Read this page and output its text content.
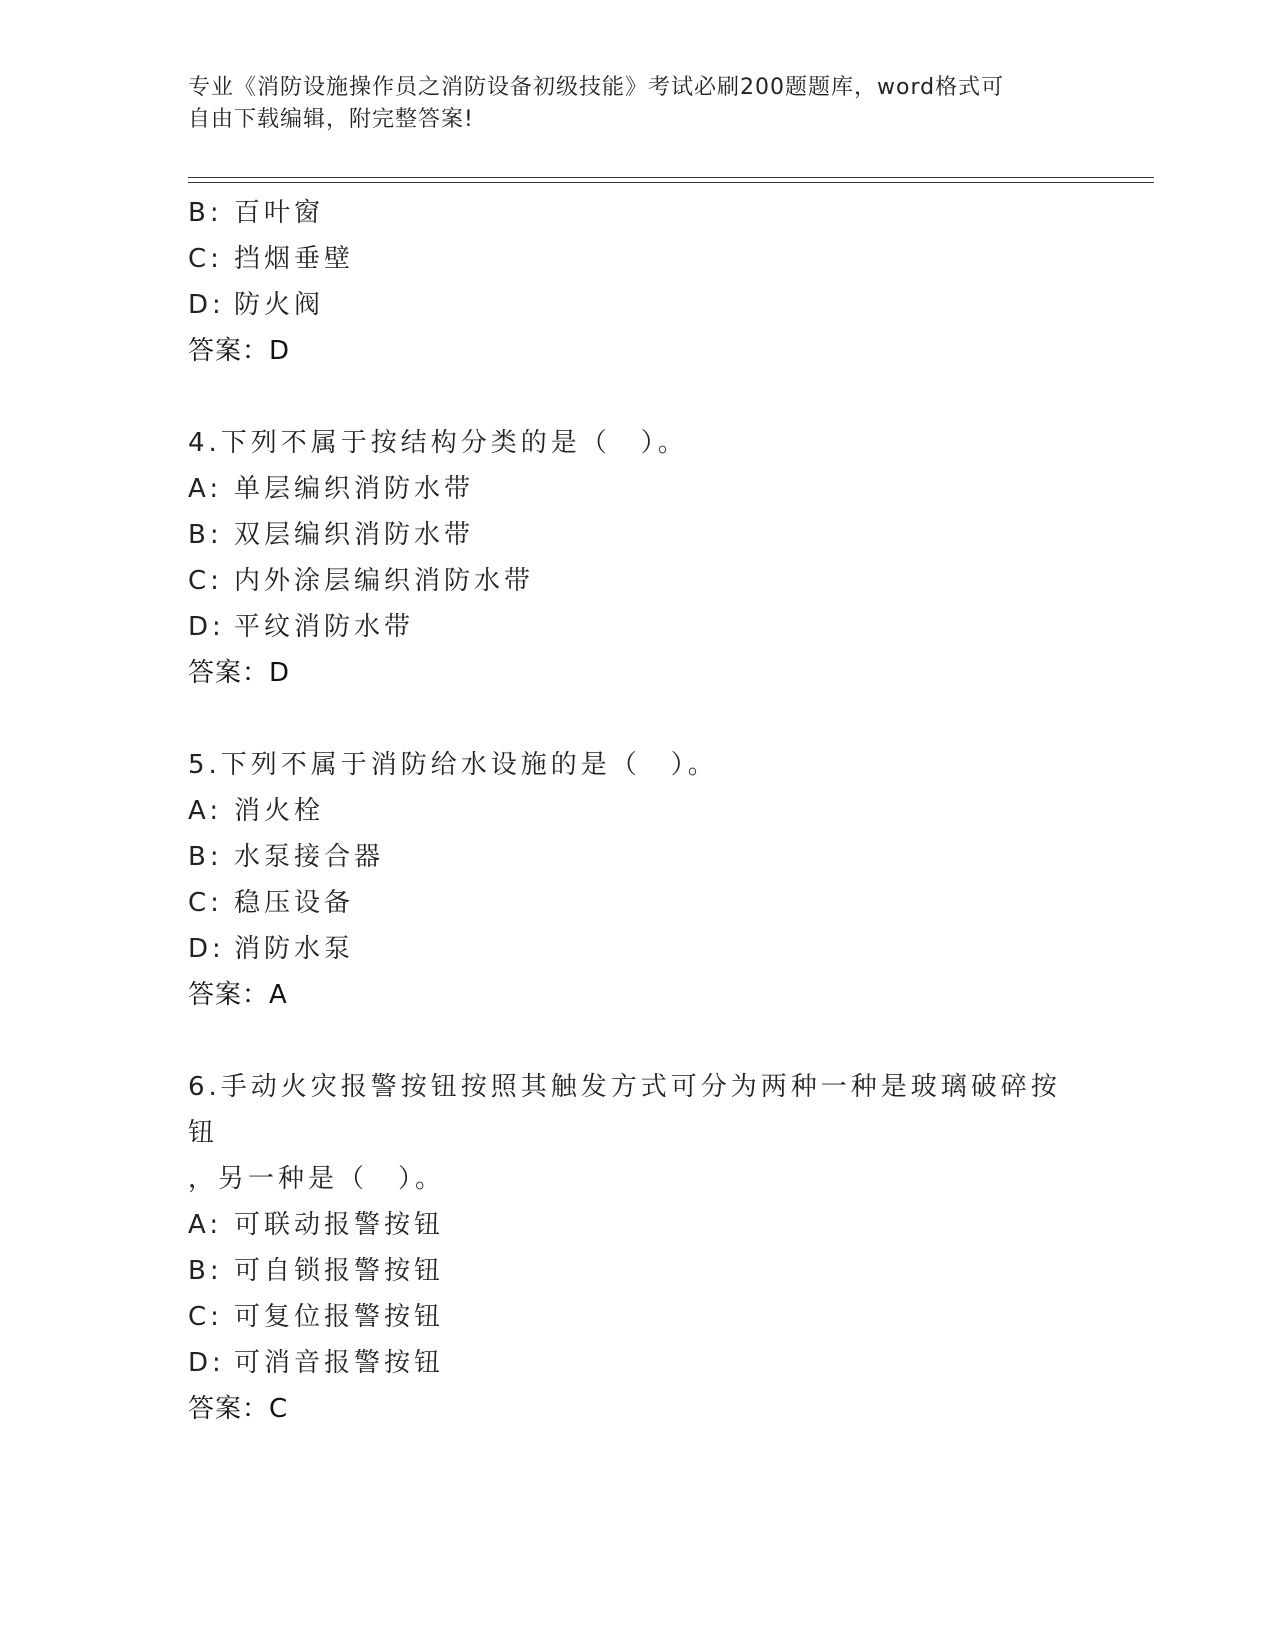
专业《消防设施操作员之消防设备初级技能》考试必刷200题题库，word格式可
自由下载编辑，附完整答案!

B: 百叶窗

C: 挡烟垂壁

D: 防火阀

答案：D

4.下列不属于按结构分类的是（　）。

A: 单层编织消防水带

B: 双层编织消防水带

C: 内外涂层编织消防水带

D: 平纹消防水带

答案：D

5.下列不属于消防给水设施的是（　）。

A: 消火栓

B: 水泵接合器

C: 稳压设备

D: 消防水泵

答案：A

6.手动火灾报警按钮按照其触发方式可分为两种一种是玻璃破碎按钮

，另一种是（　）。

A: 可联动报警按钮

B: 可自锁报警按钮

C: 可复位报警按钮

D: 可消音报警按钮

答案：C
